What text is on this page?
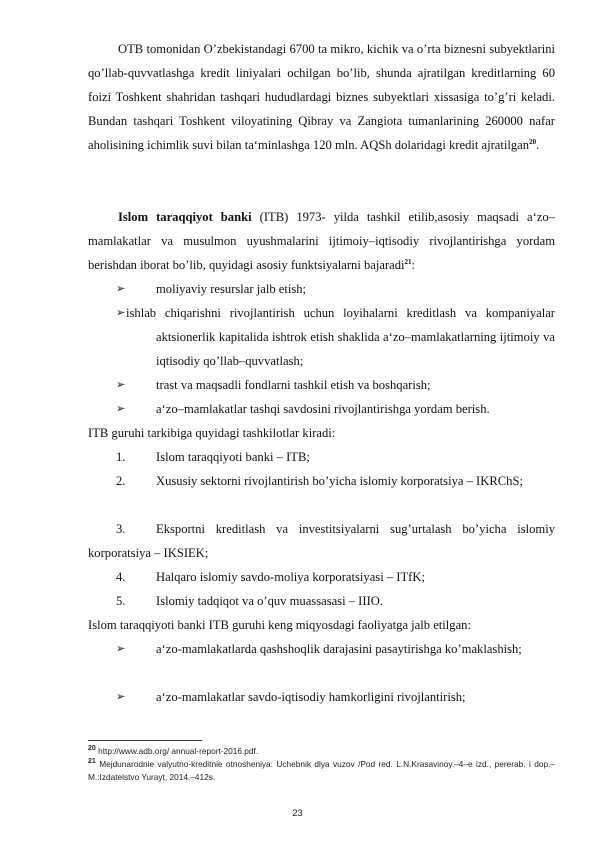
OTB tomonidan O’zbekistandagi 6700 ta mikro, kichik va o’rta biznesni subyektlarini qo’llab-quvvatlashga kredit liniyalari ochilgan bo’lib, shunda ajratilgan kreditlarning 60 foizi Toshkent shahridan tashqari hududlardagi biznes subyektlari xissasiga to’g’ri keladi. Bundan tashqari Toshkent viloyatining Qibray va Zangiota tumanlarining 260000 nafar aholisining ichimlik suvi bilan ta‘minlashga 120 mln. AQSh dolaridagi kredit ajratilgan$^{20}$.
Islom taraqqiyot banki (ITB) 1973- yilda tashkil etilib,asosiy maqsadi a‘zo–mamlakatlar va musulmon uyushmalarini ijtimoiy–iqtisodiy rivojlantirishga yordam berishdan iborat bo’lib, quyidagi asosiy funktsiyalarni bajaradi$^{21}$:
➢	moliyaviy resurslar jalb etish;
➢ ishlab chiqarishni rivojlantirish uchun loyihalarni kreditlash va kompaniyalar aktsionerlik kapitalida ishtrok etish shaklida a‘zo–mamlakatlarning ijtimoiy va iqtisodiy qo’llab–quvvatlash;
➢	trast va maqsadli fondlarni tashkil etish va boshqarish;
➢	a‘zo–mamlakatlar tashqi savdosini rivojlantirishga yordam berish.
ITB guruhi tarkibiga quyidagi tashkilotlar kiradi:
1.	Islom taraqqiyoti banki – ITB;
2.	Xususiy sektorni rivojlantirish bo’yicha islomiy korporatsiya – IKRChS;
3.	Eksportni kreditlash va investitsiyalarni sug’urtalash bo’yicha islomiy korporatsiya – IKSIEK;
4.	Halqaro islomiy savdo-moliya korporatsiyasi – ITfK;
5.	Islomiy tadqiqot va o’quv muassasasi – IIIO.
Islom taraqqiyoti banki ITB guruhi keng miqyosdagi faoliyatga jalb etilgan:
➢	a‘zo-mamlakatlarda qashshoqlik darajasini pasaytirishga ko’maklashish;
➢	a‘zo-mamlakatlar savdo-iqtisodiy hamkorligini rivojlantirish;
$^{20}$ http://www.adb.org/ annual-report-2016.pdf.
$^{21}$ Mejdunarodnie valyutno-kreditnie otnosheniya: Uchebnik dlya vuzov /Pod red. L.N.Krasavinoy.–4–e izd., pererab. i dop.–M.:Izdatelstvo Yurayt, 2014.–412s.
23
